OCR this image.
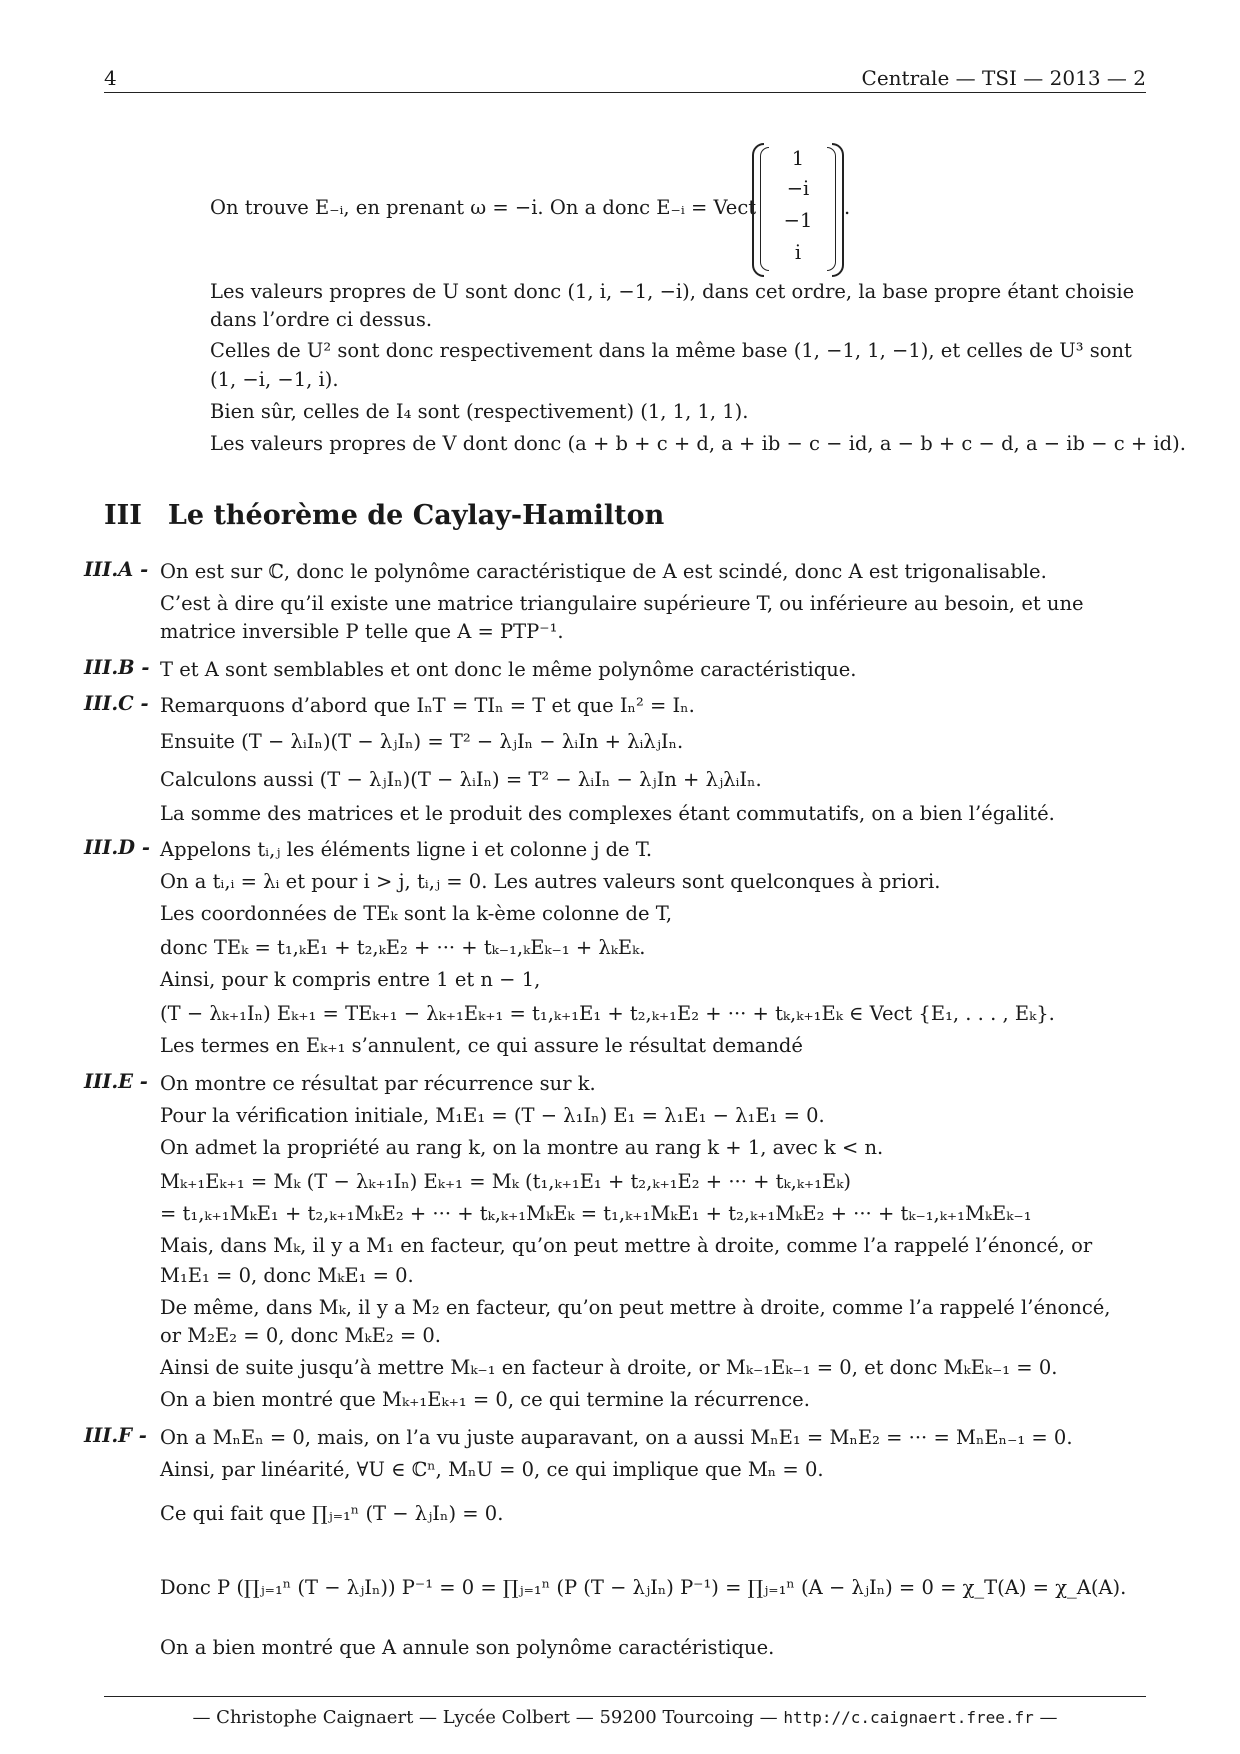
4	Centrale — TSI — 2013 — 2
On trouve E₋ᵢ, en prenant ω = −i. On a donc E₋ᵢ = Vect
1
−i
−1
i
.
Les valeurs propres de U sont donc (1, i, −1, −i), dans cet ordre, la base propre étant choisie
dans l’ordre ci dessus.
Celles de U² sont donc respectivement dans la même base (1, −1, 1, −1), et celles de U³ sont
(1, −i, −1, i).
Bien sûr, celles de I₄ sont (respectivement) (1, 1, 1, 1).
Les valeurs propres de V dont donc (a + b + c + d, a + ib − c − id, a − b + c − d, a − ib − c + id).
III Le théorème de Caylay-Hamilton
III.A - On est sur ℂ, donc le polynôme caractéristique de A est scindé, donc A est trigonalisable.
C’est à dire qu’il existe une matrice triangulaire supérieure T, ou inférieure au besoin, et une
matrice inversible P telle que A = PTP⁻¹.
III.B - T et A sont semblables et ont donc le même polynôme caractéristique.
III.C - Remarquons d’abord que IₙT = TIₙ = T et que Iₙ² = Iₙ.
Ensuite (T − λᵢIₙ)(T − λⱼIₙ) = T² − λⱼIₙ − λᵢIn + λᵢλⱼIₙ.
Calculons aussi (T − λⱼIₙ)(T − λᵢIₙ) = T² − λᵢIₙ − λⱼIn + λⱼλᵢIₙ.
La somme des matrices et le produit des complexes étant commutatifs, on a bien l’égalité.
III.D - Appelons tᵢ,ⱼ les éléments ligne i et colonne j de T.
On a tᵢ,ᵢ = λᵢ et pour i > j, tᵢ,ⱼ = 0. Les autres valeurs sont quelconques à priori.
Les coordonnées de TEₖ sont la k-ème colonne de T,
donc TEₖ = t₁,ₖE₁ + t₂,ₖE₂ + ··· + tₖ₋₁,ₖEₖ₋₁ + λₖEₖ.
Ainsi, pour k compris entre 1 et n − 1,
(T − λₖ₊₁Iₙ) Eₖ₊₁ = TEₖ₊₁ − λₖ₊₁Eₖ₊₁ = t₁,ₖ₊₁E₁ + t₂,ₖ₊₁E₂ + ··· + tₖ,ₖ₊₁Eₖ ∈ Vect {E₁, . . . , Eₖ}.
Les termes en Eₖ₊₁ s’annulent, ce qui assure le résultat demandé
III.E - On montre ce résultat par récurrence sur k.
Pour la vérification initiale, M₁E₁ = (T − λ₁Iₙ) E₁ = λ₁E₁ − λ₁E₁ = 0.
On admet la propriété au rang k, on la montre au rang k + 1, avec k < n.
Mₖ₊₁Eₖ₊₁ = Mₖ (T − λₖ₊₁Iₙ) Eₖ₊₁ = Mₖ (t₁,ₖ₊₁E₁ + t₂,ₖ₊₁E₂ + ··· + tₖ,ₖ₊₁Eₖ)
= t₁,ₖ₊₁MₖE₁ + t₂,ₖ₊₁MₖE₂ + ··· + tₖ,ₖ₊₁MₖEₖ = t₁,ₖ₊₁MₖE₁ + t₂,ₖ₊₁MₖE₂ + ··· + tₖ₋₁,ₖ₊₁MₖEₖ₋₁
Mais, dans Mₖ, il y a M₁ en facteur, qu’on peut mettre à droite, comme l’a rappelé l’énoncé, or
M₁E₁ = 0, donc MₖE₁ = 0.
De même, dans Mₖ, il y a M₂ en facteur, qu’on peut mettre à droite, comme l’a rappelé l’énoncé,
or M₂E₂ = 0, donc MₖE₂ = 0.
Ainsi de suite jusqu’à mettre Mₖ₋₁ en facteur à droite, or Mₖ₋₁Eₖ₋₁ = 0, et donc MₖEₖ₋₁ = 0.
On a bien montré que Mₖ₊₁Eₖ₊₁ = 0, ce qui termine la récurrence.
III.F - On a MₙEₙ = 0, mais, on l’a vu juste auparavant, on a aussi MₙE₁ = MₙE₂ = ··· = MₙEₙ₋₁ = 0.
Ainsi, par linéarité, ∀U ∈ ℂⁿ, MₙU = 0, ce qui implique que Mₙ = 0.
Ce qui fait que ∏ⱼ₌₁ⁿ (T − λⱼIₙ) = 0.
Donc P (∏ⱼ₌₁ⁿ (T − λⱼIₙ)) P⁻¹ = 0 = ∏ⱼ₌₁ⁿ (P (T − λⱼIₙ) P⁻¹) = ∏ⱼ₌₁ⁿ (A − λⱼIₙ) = 0 = χ_T(A) = χ_A(A).
On a bien montré que A annule son polynôme caractéristique.
— Christophe Caignaert — Lycée Colbert — 59200 Tourcoing — http://c.caignaert.free.fr —
